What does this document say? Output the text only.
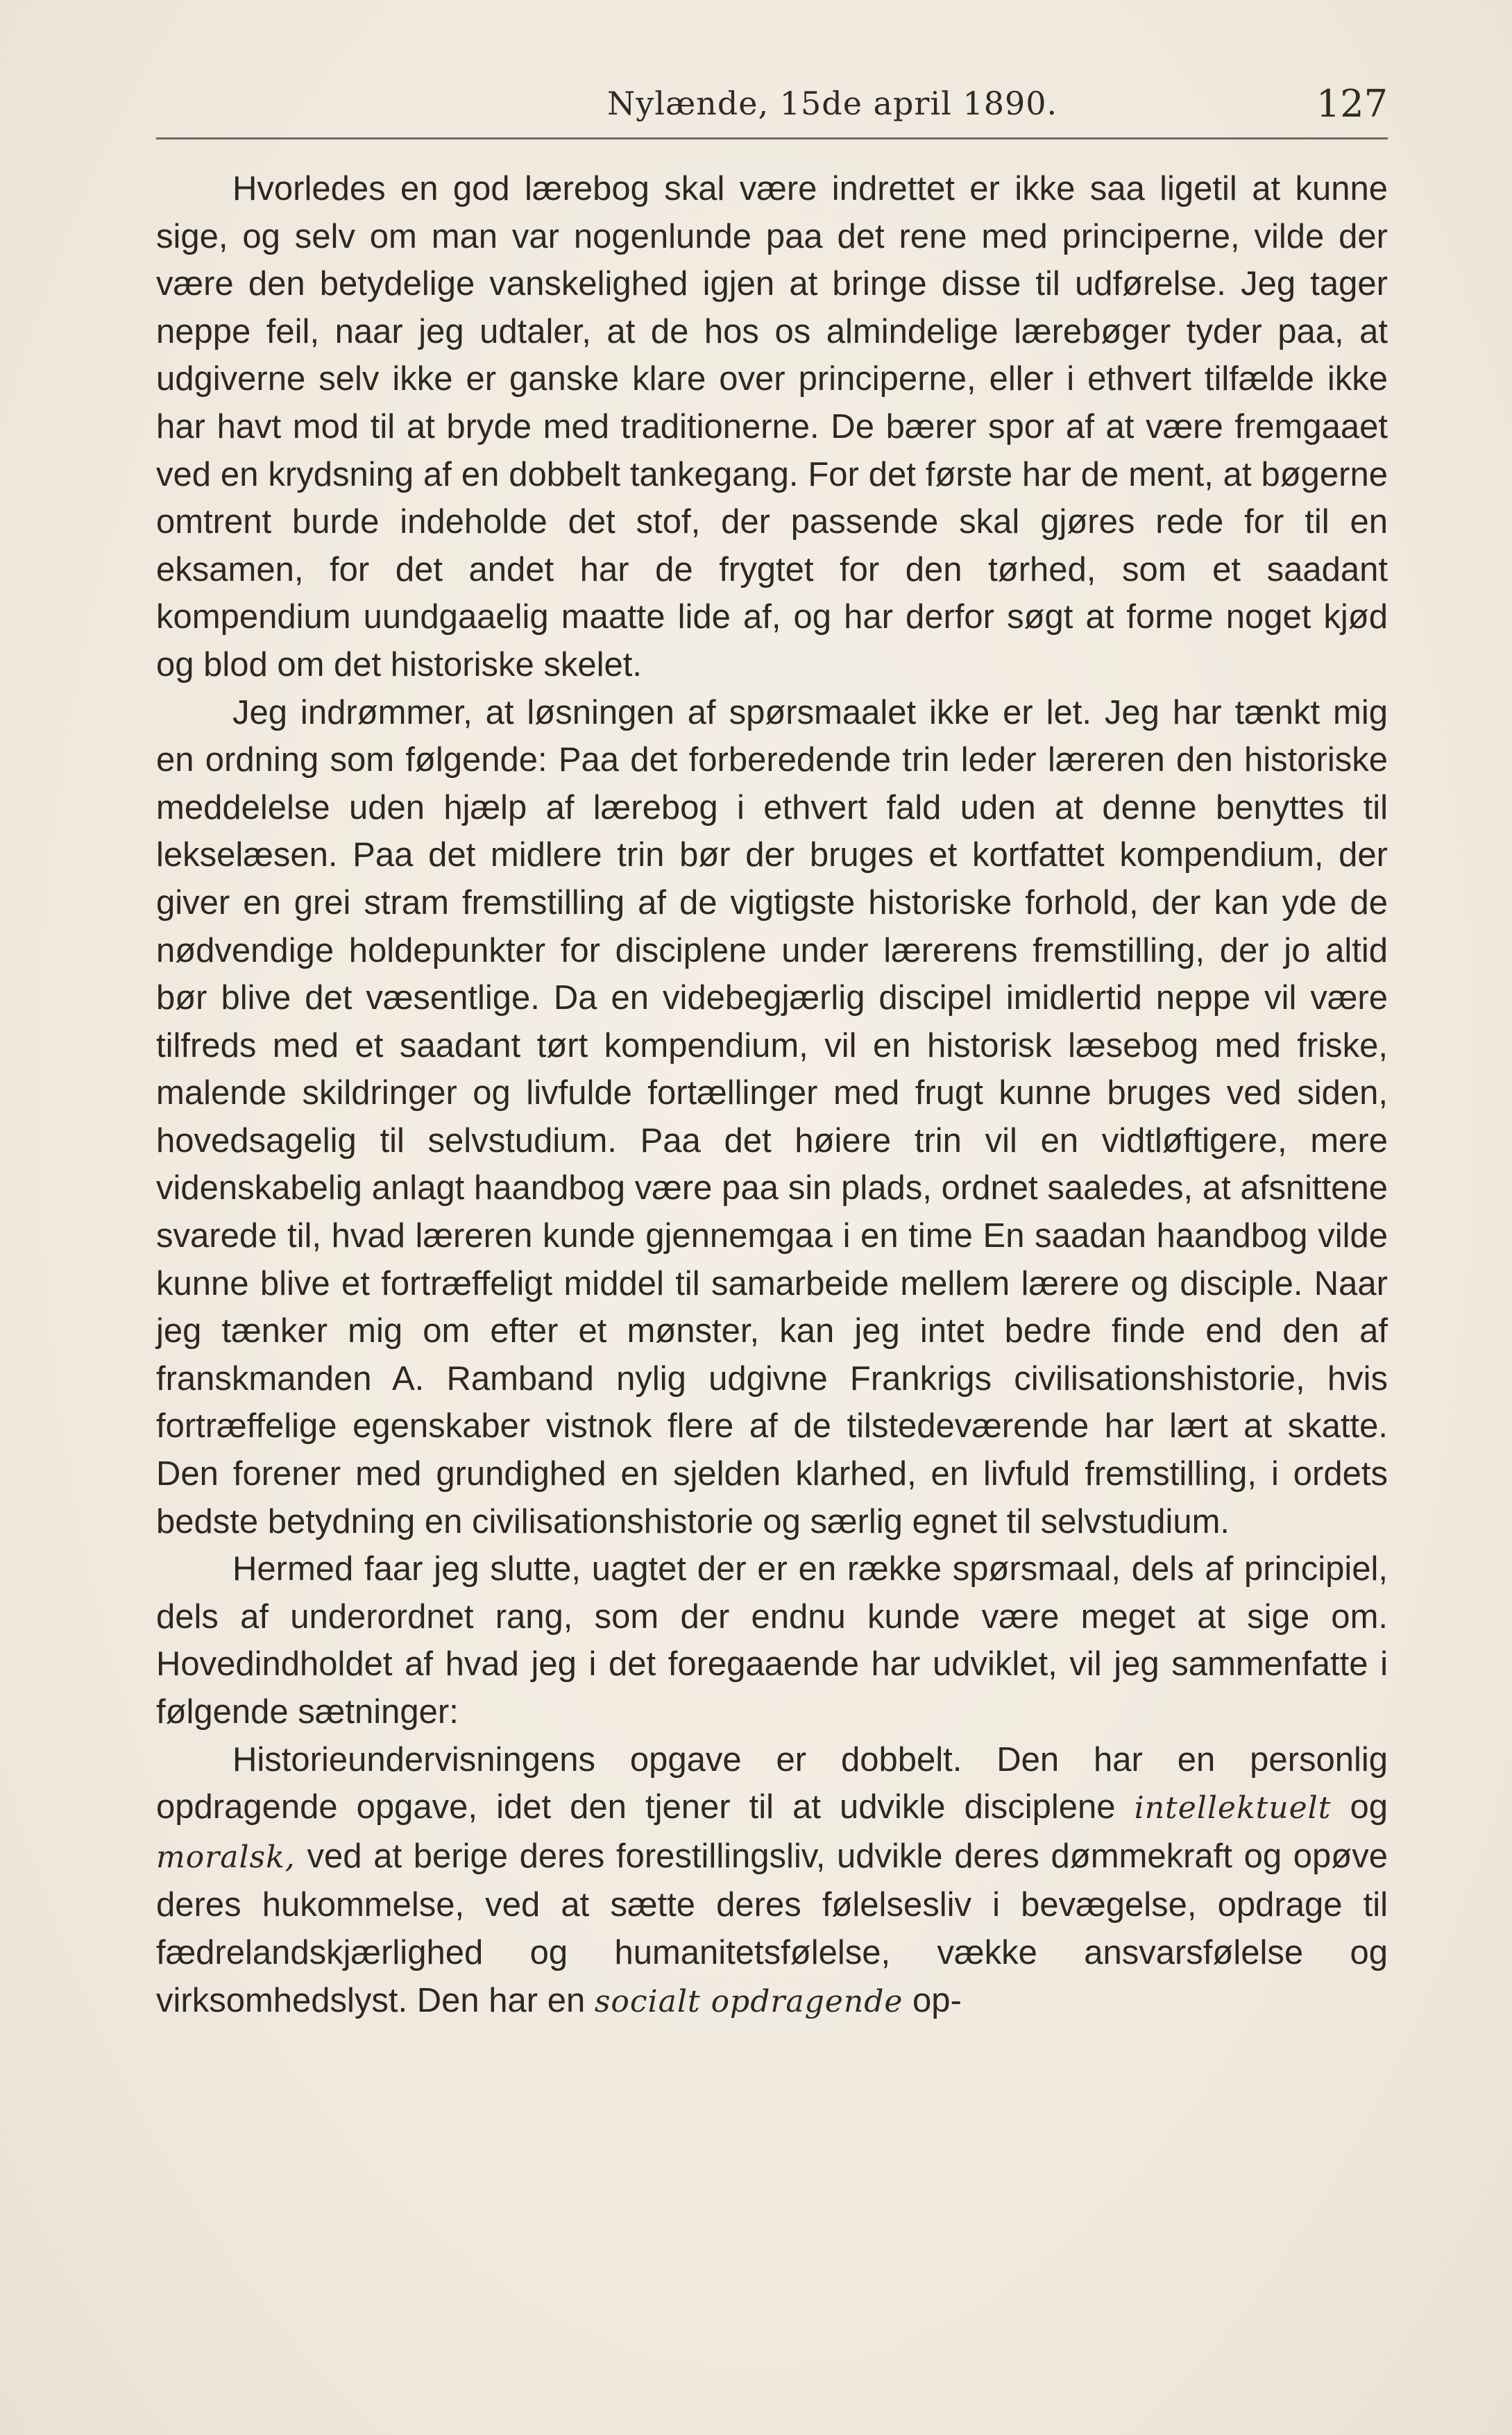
Nylænde, 15de april 1890.	127

Hvorledes en god lærebog skal være indrettet er ikke saa ligetil at kunne sige, og selv om man var nogenlunde paa det rene med principerne, vilde der være den betydelige vanskelighed igjen at bringe disse til udførelse. Jeg tager neppe feil, naar jeg udtaler, at de hos os almindelige lærebøger tyder paa, at udgiverne selv ikke er ganske klare over principerne, eller i ethvert tilfælde ikke har havt mod til at bryde med traditionerne. De bærer spor af at være fremgaaet ved en krydsning af en dobbelt tankegang. For det første har de ment, at bøgerne omtrent burde indeholde det stof, der passende skal gjøres rede for til en eksamen, for det andet har de frygtet for den tørhed, som et saadant kompendium uundgaaelig maatte lide af, og har derfor søgt at forme noget kjød og blod om det historiske skelet.

Jeg indrømmer, at løsningen af spørsmaalet ikke er let. Jeg har tænkt mig en ordning som følgende: Paa det forberedende trin leder læreren den historiske meddelelse uden hjælp af lærebog i ethvert fald uden at denne benyttes til lekselæsen. Paa det midlere trin bør der bruges et kortfattet kompendium, der giver en grei stram fremstilling af de vigtigste historiske forhold, der kan yde de nødvendige holdepunkter for disciplene under lærerens fremstilling, der jo altid bør blive det væsentlige. Da en videbegjærlig discipel imidlertid neppe vil være tilfreds med et saadant tørt kompendium, vil en historisk læsebog med friske, malende skildringer og livfulde fortællinger med frugt kunne bruges ved siden, hovedsagelig til selvstudium. Paa det høiere trin vil en vidtløftigere, mere videnskabelig anlagt haandbog være paa sin plads, ordnet saaledes, at afsnittene svarede til, hvad læreren kunde gjennemgaa i en time En saadan haandbog vilde kunne blive et fortræffeligt middel til samarbeide mellem lærere og disciple. Naar jeg tænker mig om efter et mønster, kan jeg intet bedre finde end den af franskmanden A. Ramband nylig udgivne Frankrigs civilisationshistorie, hvis fortræffelige egenskaber vistnok flere af de tilstedeværende har lært at skatte. Den forener med grundighed en sjelden klarhed, en livfuld fremstilling, i ordets bedste betydning en civilisationshistorie og særlig egnet til selvstudium.

Hermed faar jeg slutte, uagtet der er en række spørsmaal, dels af principiel, dels af underordnet rang, som der endnu kunde være meget at sige om. Hovedindholdet af hvad jeg i det foregaaende har udviklet, vil jeg sammenfatte i følgende sætninger:

Historieundervisningens opgave er dobbelt. Den har en personlig opdragende opgave, idet den tjener til at udvikle disciplene intellektuelt og moralsk, ved at berige deres forestillingsliv, udvikle deres dømmekraft og opøve deres hukommelse, ved at sætte deres følelsesliv i bevægelse, opdrage til fædrelandskjærlighed og humanitetsfølelse, vække ansvarsfølelse og virksomhedslyst. Den har en socialt opdragende op-
